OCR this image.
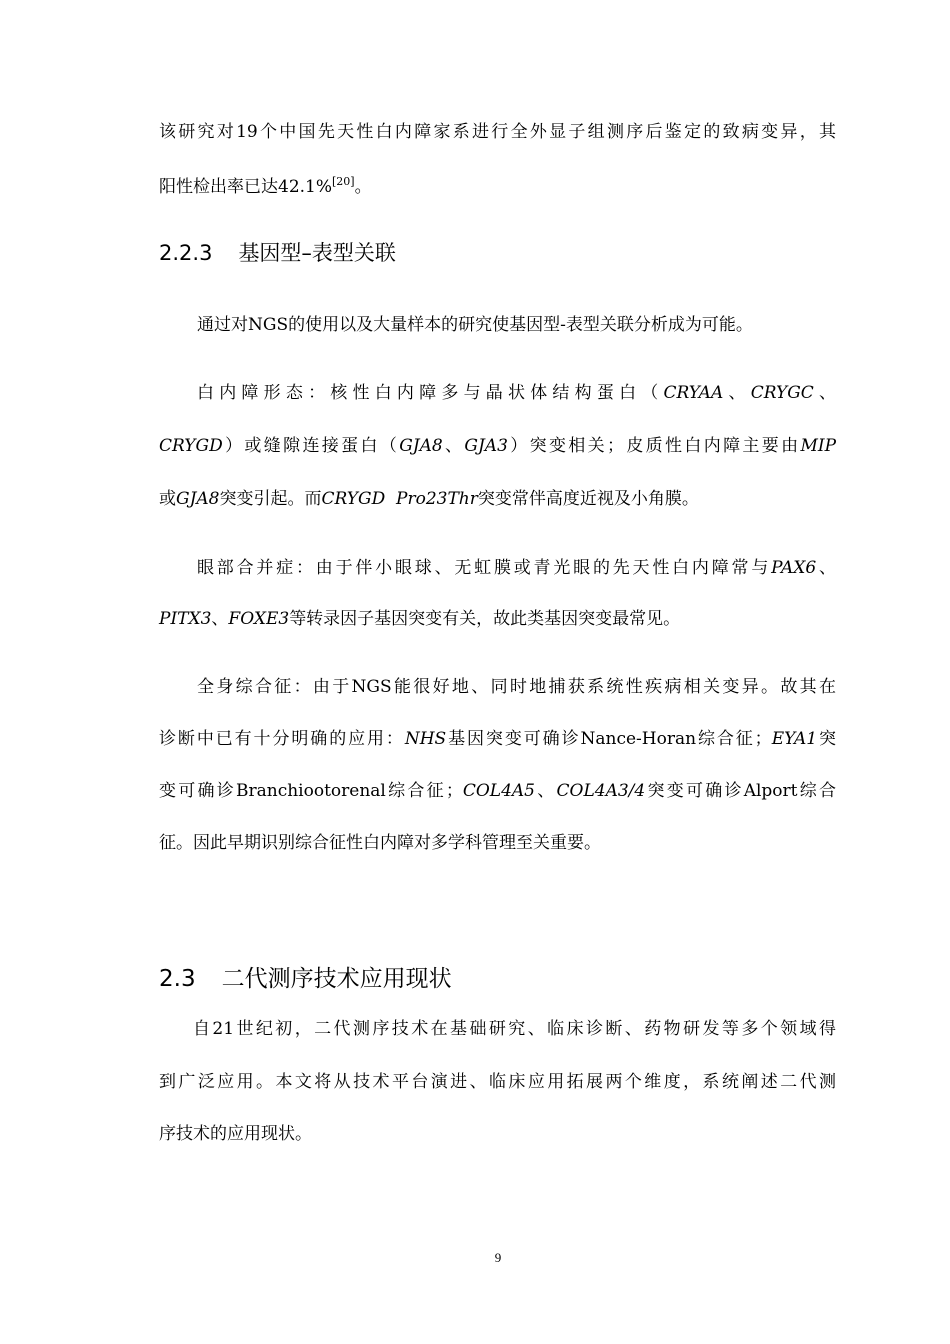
该研究对19个中国先天性白内障家系进行全外显子组测序后鉴定的致病变异，其
阳性检出率已达42.1%[20]。
2.2.3 基因型–表型关联
通过对NGS的使用以及大量样本的研究使基因型-表型关联分析成为可能。
白内障形态：核性白内障多与晶状体结构蛋白（CRYAA、CRYGC、
CRYGD）或缝隙连接蛋白（GJA8、GJA3）突变相关；皮质性白内障主要由MIP
或GJA8突变引起。而CRYGD  Pro23Thr突变常伴高度近视及小角膜。
眼部合并症：由于伴小眼球、无虹膜或青光眼的先天性白内障常与PAX6、
PITX3、FOXE3等转录因子基因突变有关，故此类基因突变最常见。
全身综合征：由于NGS能很好地、同时地捕获系统性疾病相关变异。故其在
诊断中已有十分明确的应用：NHS基因突变可确诊Nance-Horan综合征；EYA1突
变可确诊Branchiootorenal综合征；COL4A5、COL4A3/4突变可确诊Alport综合
征。因此早期识别综合征性白内障对多学科管理至关重要。
2.3 二代测序技术应用现状
自21世纪初，二代测序技术在基础研究、临床诊断、药物研发等多个领域得
到广泛应用。本文将从技术平台演进、临床应用拓展两个维度，系统阐述二代测
序技术的应用现状。
9
